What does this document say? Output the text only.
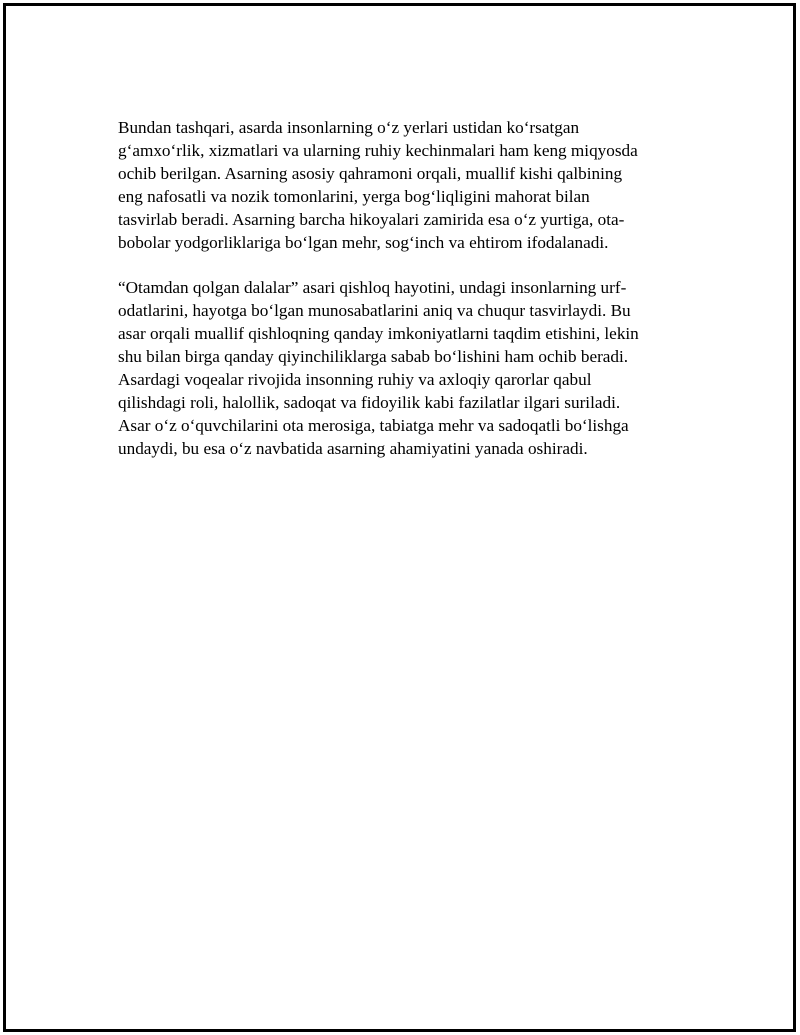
Bundan tashqari, asarda insonlarning o‘z yerlari ustidan ko‘rsatgan
g‘amxo‘rlik, xizmatlari va ularning ruhiy kechinmalari ham keng miqyosda
ochib berilgan. Asarning asosiy qahramoni orqali, muallif kishi qalbining
eng nafosatli va nozik tomonlarini, yerga bog‘liqligini mahorat bilan
tasvirlab beradi. Asarning barcha hikoyalari zamirida esa o‘z yurtiga, ota-
bobolar yodgorliklariga bo‘lgan mehr, sog‘inch va ehtirom ifodalanadi.

“Otamdan qolgan dalalar” asari qishloq hayotini, undagi insonlarning urf-
odatlarini, hayotga bo‘lgan munosabatlarini aniq va chuqur tasvirlaydi. Bu
asar orqali muallif qishloqning qanday imkoniyatlarni taqdim etishini, lekin
shu bilan birga qanday qiyinchiliklarga sabab bo‘lishini ham ochib beradi.
Asardagi voqealar rivojida insonning ruhiy va axloqiy qarorlar qabul
qilishdagi roli, halollik, sadoqat va fidoyilik kabi fazilatlar ilgari suriladi.
Asar o‘z o‘quvchilarini ota merosiga, tabiatga mehr va sadoqatli bo‘lishga
undaydi, bu esa o‘z navbatida asarning ahamiyatini yanada oshiradi.
